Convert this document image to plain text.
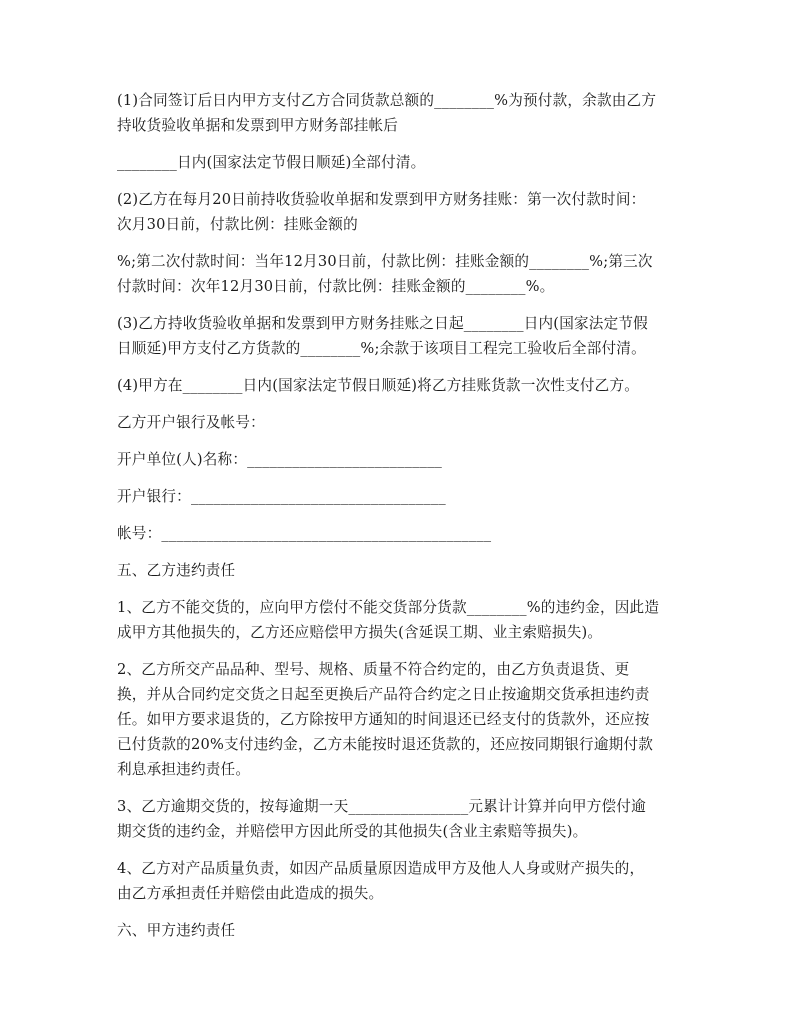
(1)合同签订后日内甲方支付乙方合同货款总额的________%为预付款，余款由乙方
持收货验收单据和发票到甲方财务部挂帐后

________日内(国家法定节假日顺延)全部付清。

(2)乙方在每月20日前持收货验收单据和发票到甲方财务挂账：第一次付款时间：
次月30日前，付款比例：挂账金额的

%;第二次付款时间：当年12月30日前，付款比例：挂账金额的________%;第三次
付款时间：次年12月30日前，付款比例：挂账金额的________%。

(3)乙方持收货验收单据和发票到甲方财务挂账之日起________日内(国家法定节假
日顺延)甲方支付乙方货款的________%;余款于该项目工程完工验收后全部付清。

(4)甲方在________日内(国家法定节假日顺延)将乙方挂账货款一次性支付乙方。

乙方开户银行及帐号：

开户单位(人)名称：__________________________

开户银行：__________________________________

帐号：____________________________________________

五、乙方违约责任

1、乙方不能交货的，应向甲方偿付不能交货部分货款________%的违约金，因此造
成甲方其他损失的，乙方还应赔偿甲方损失(含延误工期、业主索赔损失)。

2、乙方所交产品品种、型号、规格、质量不符合约定的，由乙方负责退货、更
换，并从合同约定交货之日起至更换后产品符合约定之日止按逾期交货承担违约责
任。如甲方要求退货的，乙方除按甲方通知的时间退还已经支付的货款外，还应按
已付货款的20%支付违约金，乙方未能按时退还货款的，还应按同期银行逾期付款
利息承担违约责任。

3、乙方逾期交货的，按每逾期一天________________元累计计算并向甲方偿付逾
期交货的违约金，并赔偿甲方因此所受的其他损失(含业主索赔等损失)。

4、乙方对产品质量负责，如因产品质量原因造成甲方及他人人身或财产损失的，
由乙方承担责任并赔偿由此造成的损失。

六、甲方违约责任
